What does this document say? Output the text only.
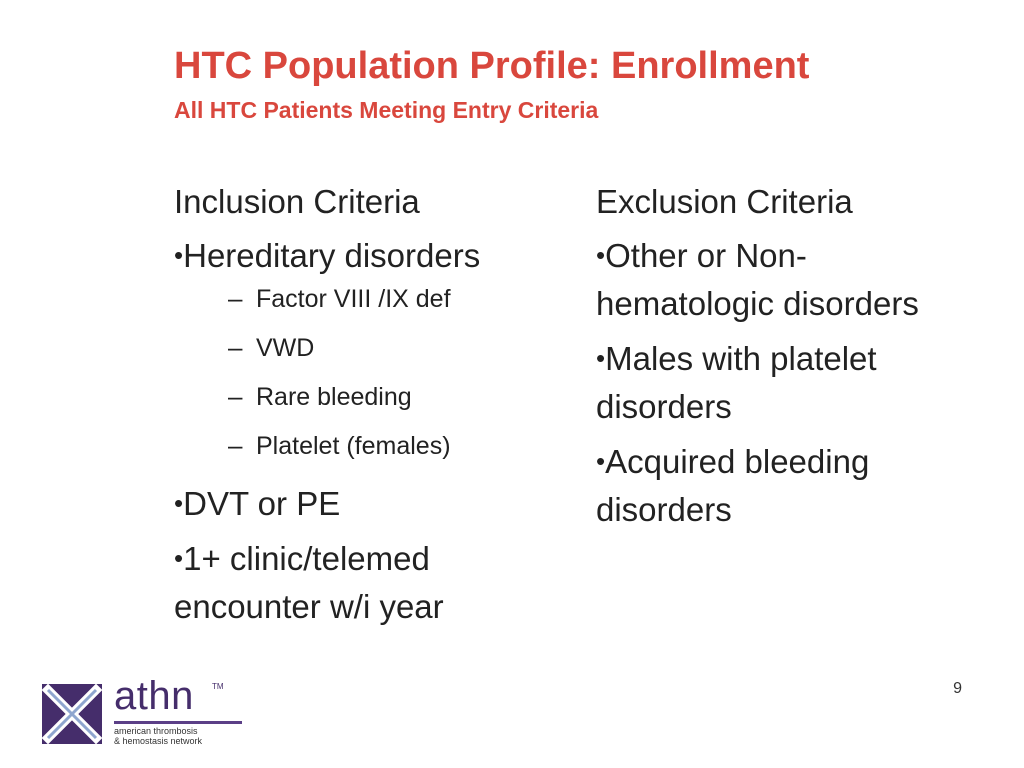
HTC Population Profile: Enrollment
All HTC Patients Meeting Entry Criteria
Inclusion Criteria
•Hereditary disorders
– Factor VIII /IX def
– VWD
– Rare bleeding
– Platelet (females)
•DVT or PE
•1+ clinic/telemed encounter w/i year
Exclusion Criteria
•Other or Non-hematologic disorders
•Males with platelet disorders
•Acquired bleeding disorders
athn TM
american thrombosis
& hemostasis network
9
